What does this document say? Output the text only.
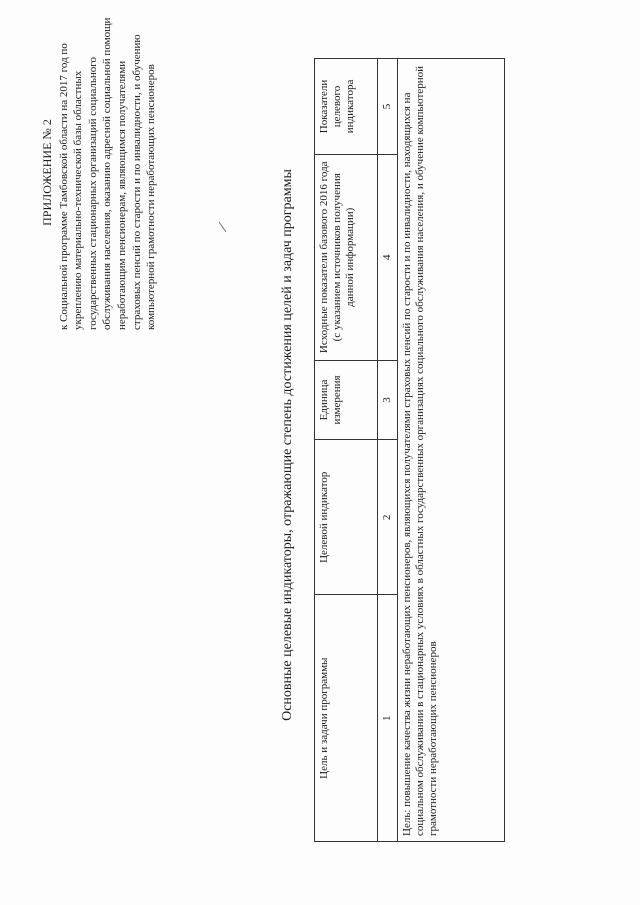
ПРИЛОЖЕНИЕ № 2 к Социальной программе Тамбовской области на 2017 год по укреплению материально-технической базы областных государственных стационарных организаций социального обслуживания населения, оказанию адресной социальной помощи неработающим пенсионерам, являющимся получателями страховых пенсий по старости и по инвалидности, и обучению компьютерной грамотности неработающих пенсионеров	Основные целевые индикаторы, отражающие степень достижения целей и задач программы Цель и задачи программы	Целевой индикатор	Единица измерения	Исходные показатели базового 2016 года (с указанием источников получения данной информации)	Показатели целевого индикатора
1	2	3	4	5
Цель: повышение качества жизни неработающих пенсионеров, являющихся получателями страховых пенсий по старости и по инвалидности, находящихся на социальном обслуживании в стационарных условиях в областных государственных организациях социального обслуживания населения, и обучение компьютерной грамотности неработающих пенсионеров				
